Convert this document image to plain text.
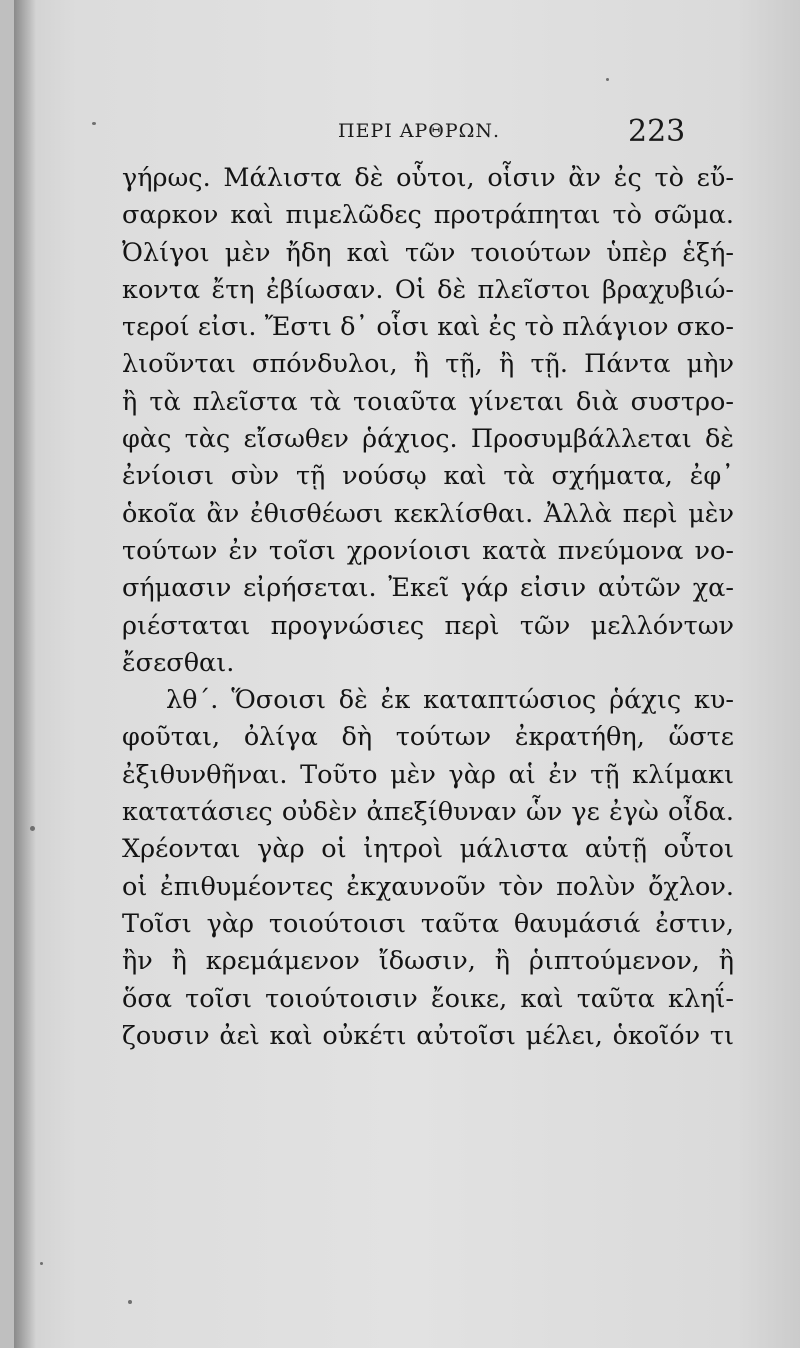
ΠΕΡΙ ΑΡΘΡΩΝ.	223
γήρως. Μάλιστα δὲ οὗτοι, οἷσιν ἂν ἐς τὸ εὔ-
σαρκον καὶ πιμελῶδες προτράπηται τὸ σῶμα.
Ὀλίγοι μὲν ἤδη καὶ τῶν τοιούτων ὑπὲρ ἑξή-
κοντα ἔτη ἐβίωσαν. Οἱ δὲ πλεῖστοι βραχυβιώ-
τεροί εἰσι. Ἔστι δ᾽ οἷσι καὶ ἐς τὸ πλάγιον σκο-
λιοῦνται σπόνδυλοι, ἢ τῇ, ἢ τῇ. Πάντα μὴν
ἢ τὰ πλεῖστα τὰ τοιαῦτα γίνεται διὰ συστρο-
φὰς τὰς εἴσωθεν ῥάχιος. Προσυμβάλλεται δὲ
ἐνίοισι σὺν τῇ νούσῳ καὶ τὰ σχήματα, ἐφ᾽
ὁκοῖα ἂν ἐθισθέωσι κεκλίσθαι. Ἀλλὰ περὶ μὲν
τούτων ἐν τοῖσι χρονίοισι κατὰ πνεύμονα νο-
σήμασιν εἰρήσεται. Ἐκεῖ γάρ εἰσιν αὐτῶν χα-
ριέσταται προγνώσιες περὶ τῶν μελλόντων
ἔσεσθαι.
λθ΄. Ὅσοισι δὲ ἐκ καταπτώσιος ῥάχις κυ-
φοῦται, ὀλίγα δὴ τούτων ἐκρατήθη, ὥστε
ἐξιθυνθῆναι. Τοῦτο μὲν γὰρ αἱ ἐν τῇ κλίμακι
κατατάσιες οὐδὲν ἀπεξίθυναν ὧν γε ἐγὼ οἶδα.
Χρέονται γὰρ οἱ ἰητροὶ μάλιστα αὐτῇ οὗτοι
οἱ ἐπιθυμέοντες ἐκχαυνοῦν τὸν πολὺν ὄχλον.
Τοῖσι γὰρ τοιούτοισι ταῦτα θαυμάσιά ἐστιν,
ἢν ἢ κρεμάμενον ἴδωσιν, ἢ ῥιπτούμενον, ἢ
ὅσα τοῖσι τοιούτοισιν ἔοικε, καὶ ταῦτα κληΐ-
ζουσιν ἀεὶ καὶ οὐκέτι αὐτοῖσι μέλει, ὁκοῖόν τι
